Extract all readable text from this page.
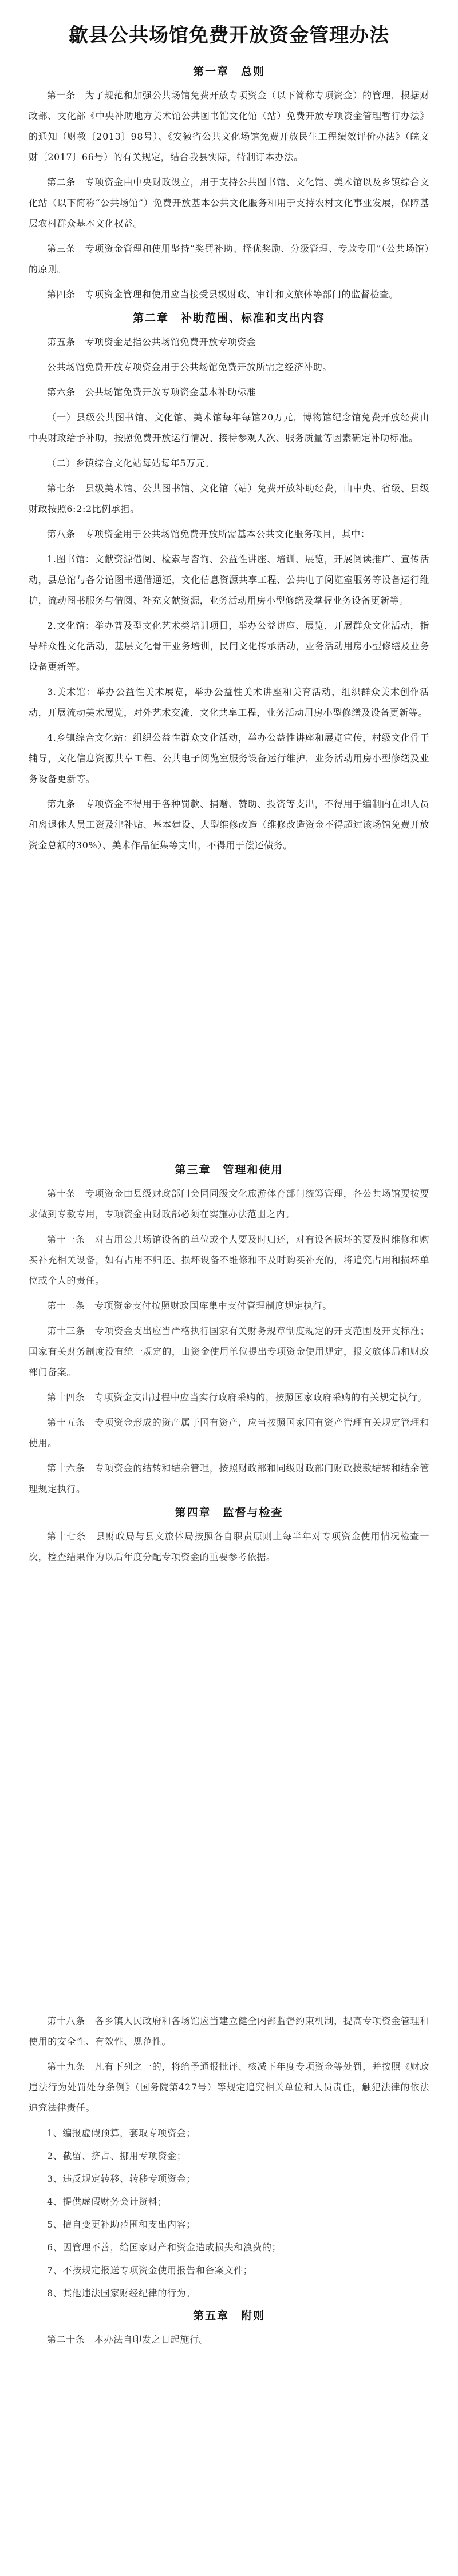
歙县公共场馆免费开放资金管理办法
第一章　总则

第一条　为了规范和加强公共场馆免费开放专项资金（以下简称专项资金）的管理，根据财政部、文化部《中央补助地方美术馆公共图书馆文化馆（站）免费开放专项资金管理暂行办法》的通知（财教〔2013〕98号）、《安徽省公共文化场馆免费开放民生工程绩效评价办法》（皖文财〔2017〕66号）的有关规定，结合我县实际，特制订本办法。

第二条　专项资金由中央财政设立，用于支持公共图书馆、文化馆、美术馆以及乡镇综合文化站（以下简称“公共场馆”）免费开放基本公共文化服务和用于支持农村文化事业发展，保障基层农村群众基本文化权益。

第三条　专项资金管理和使用坚持“奖罚补助、择优奖励、分级管理、专款专用”（公共场馆）的原则。

第四条　专项资金管理和使用应当接受县级财政、审计和文旅体等部门的监督检查。

第二章　补助范围、标准和支出内容

第五条　专项资金是指公共场馆免费开放专项资金

公共场馆免费开放专项资金用于公共场馆免费开放所需之经济补助。

第六条　公共场馆免费开放专项资金基本补助标准

（一）县级公共图书馆、文化馆、美术馆每年每馆20万元，博物馆纪念馆免费开放经费由中央财政给予补助，按照免费开放运行情况、接待参观人次、服务质量等因素确定补助标准。

（二）乡镇综合文化站每站每年5万元。

第七条　县级美术馆、公共图书馆、文化馆（站）免费开放补助经费，由中央、省级、县级财政按照6:2:2比例承担。

第八条　专项资金用于公共场馆免费开放所需基本公共文化服务项目，其中：

1.图书馆：文献资源借阅、检索与咨询、公益性讲座、培训、展览，开展阅读推广、宣传活动，县总馆与各分馆图书通借通还，文化信息资源共享工程、公共电子阅览室服务等设备运行维护，流动图书服务与借阅、补充文献资源，业务活动用房小型修缮及掌握业务设备更新等。

2.文化馆：举办普及型文化艺术类培训项目，举办公益讲座、展览，开展群众文化活动，指导群众性文化活动，基层文化骨干业务培训，民间文化传承活动，业务活动用房小型修缮及业务设备更新等。

3.美术馆：举办公益性美术展览，举办公益性美术讲座和美育活动，组织群众美术创作活动，开展流动美术展览，对外艺术交流，文化共享工程，业务活动用房小型修缮及设备更新等。

4.乡镇综合文化站：组织公益性群众文化活动，举办公益性讲座和展览宣传，村级文化骨干辅导，文化信息资源共享工程、公共电子阅览室服务设备运行维护，业务活动用房小型修缮及业务设备更新等。

第九条　专项资金不得用于各种罚款、捐赠、赞助、投资等支出，不得用于编制内在职人员和离退休人员工资及津补贴、基本建设、大型维修改造（维修改造资金不得超过该场馆免费开放资金总额的30%）、美术作品征集等支出，不得用于偿还债务。

第三章　管理和使用

第十条　专项资金由县级财政部门会同同级文化旅游体育部门统筹管理，各公共场馆要按要求做到专款专用，专项资金由财政部必须在实施办法范围之内。

第十一条　对占用公共场馆设备的单位或个人要及时归还，对有设备损坏的要及时维修和购买补充相关设备，如有占用不归还、损坏设备不维修和不及时购买补充的，将追究占用和损坏单位或个人的责任。

第十二条　专项资金支付按照财政国库集中支付管理制度规定执行。

第十三条　专项资金支出应当严格执行国家有关财务规章制度规定的开支范围及开支标准；国家有关财务制度没有统一规定的，由资金使用单位提出专项资金使用规定，报文旅体局和财政部门备案。

第十四条　专项资金支出过程中应当实行政府采购的，按照国家政府采购的有关规定执行。

第十五条　专项资金形成的资产属于国有资产，应当按照国家国有资产管理有关规定管理和使用。

第十六条　专项资金的结转和结余管理，按照财政部和同级财政部门财政拨款结转和结余管理规定执行。

第四章　监督与检查

第十七条　县财政局与县文旅体局按照各自职责原则上每半年对专项资金使用情况检查一次，检查结果作为以后年度分配专项资金的重要参考依据。

第十八条　各乡镇人民政府和各场馆应当建立健全内部监督约束机制，提高专项资金管理和使用的安全性、有效性、规范性。

第十九条　凡有下列之一的，将给予通报批评、核减下年度专项资金等处罚，并按照《财政违法行为处罚处分条例》（国务院第427号）等规定追究相关单位和人员责任，触犯法律的依法追究法律责任。

1、编报虚假预算，套取专项资金；

2、截留、挤占、挪用专项资金；

3、违反规定转移、转移专项资金；

4、提供虚假财务会计资料；

5、擅自变更补助范围和支出内容；

6、因管理不善，给国家财产和资金造成损失和浪费的；

7、不按规定报送专项资金使用报告和备案文件；

8、其他违法国家财经纪律的行为。

第五章　附则

第二十条　本办法自印发之日起施行。
